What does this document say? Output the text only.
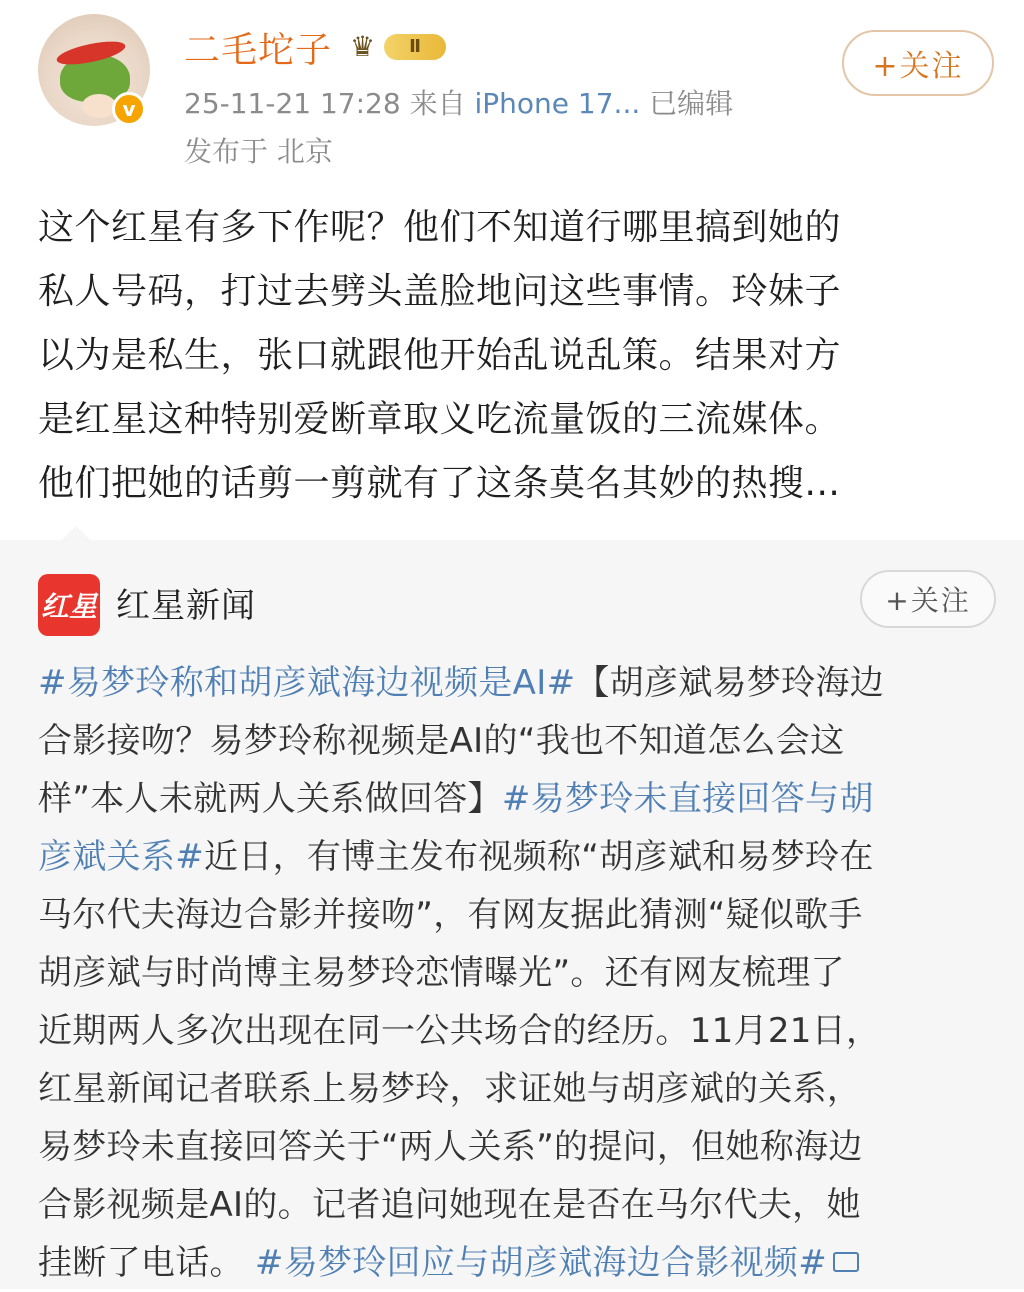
v
二毛坨子 ♛	Ⅱ
25-11-21 17:28 来自 iPhone 17... 已编辑
发布于 北京
+关注

这个红星有多下作呢？他们不知道行哪里搞到她的

私人号码，打过去劈头盖脸地问这些事情。玲妹子

以为是私生，张口就跟他开始乱说乱策。结果对方

是红星这种特别爱断章取义吃流量饭的三流媒体。

他们把她的话剪一剪就有了这条莫名其妙的热搜...

红星 红星新闻	+关注

#易梦玲称和胡彦斌海边视频是AI#【胡彦斌易梦玲海边

合影接吻？易梦玲称视频是AI的“我也不知道怎么会这

样”本人未就两人关系做回答】#易梦玲未直接回答与胡

彦斌关系#近日，有博主发布视频称“胡彦斌和易梦玲在

马尔代夫海边合影并接吻”，有网友据此猜测“疑似歌手

胡彦斌与时尚博主易梦玲恋情曝光”。还有网友梳理了

近期两人多次出现在同一公共场合的经历。11月21日，

红星新闻记者联系上易梦玲，求证她与胡彦斌的关系，

易梦玲未直接回答关于“两人关系”的提问，但她称海边

合影视频是AI的。记者追问她现在是否在马尔代夫，她

挂断了电话。 #易梦玲回应与胡彦斌海边合影视频#
